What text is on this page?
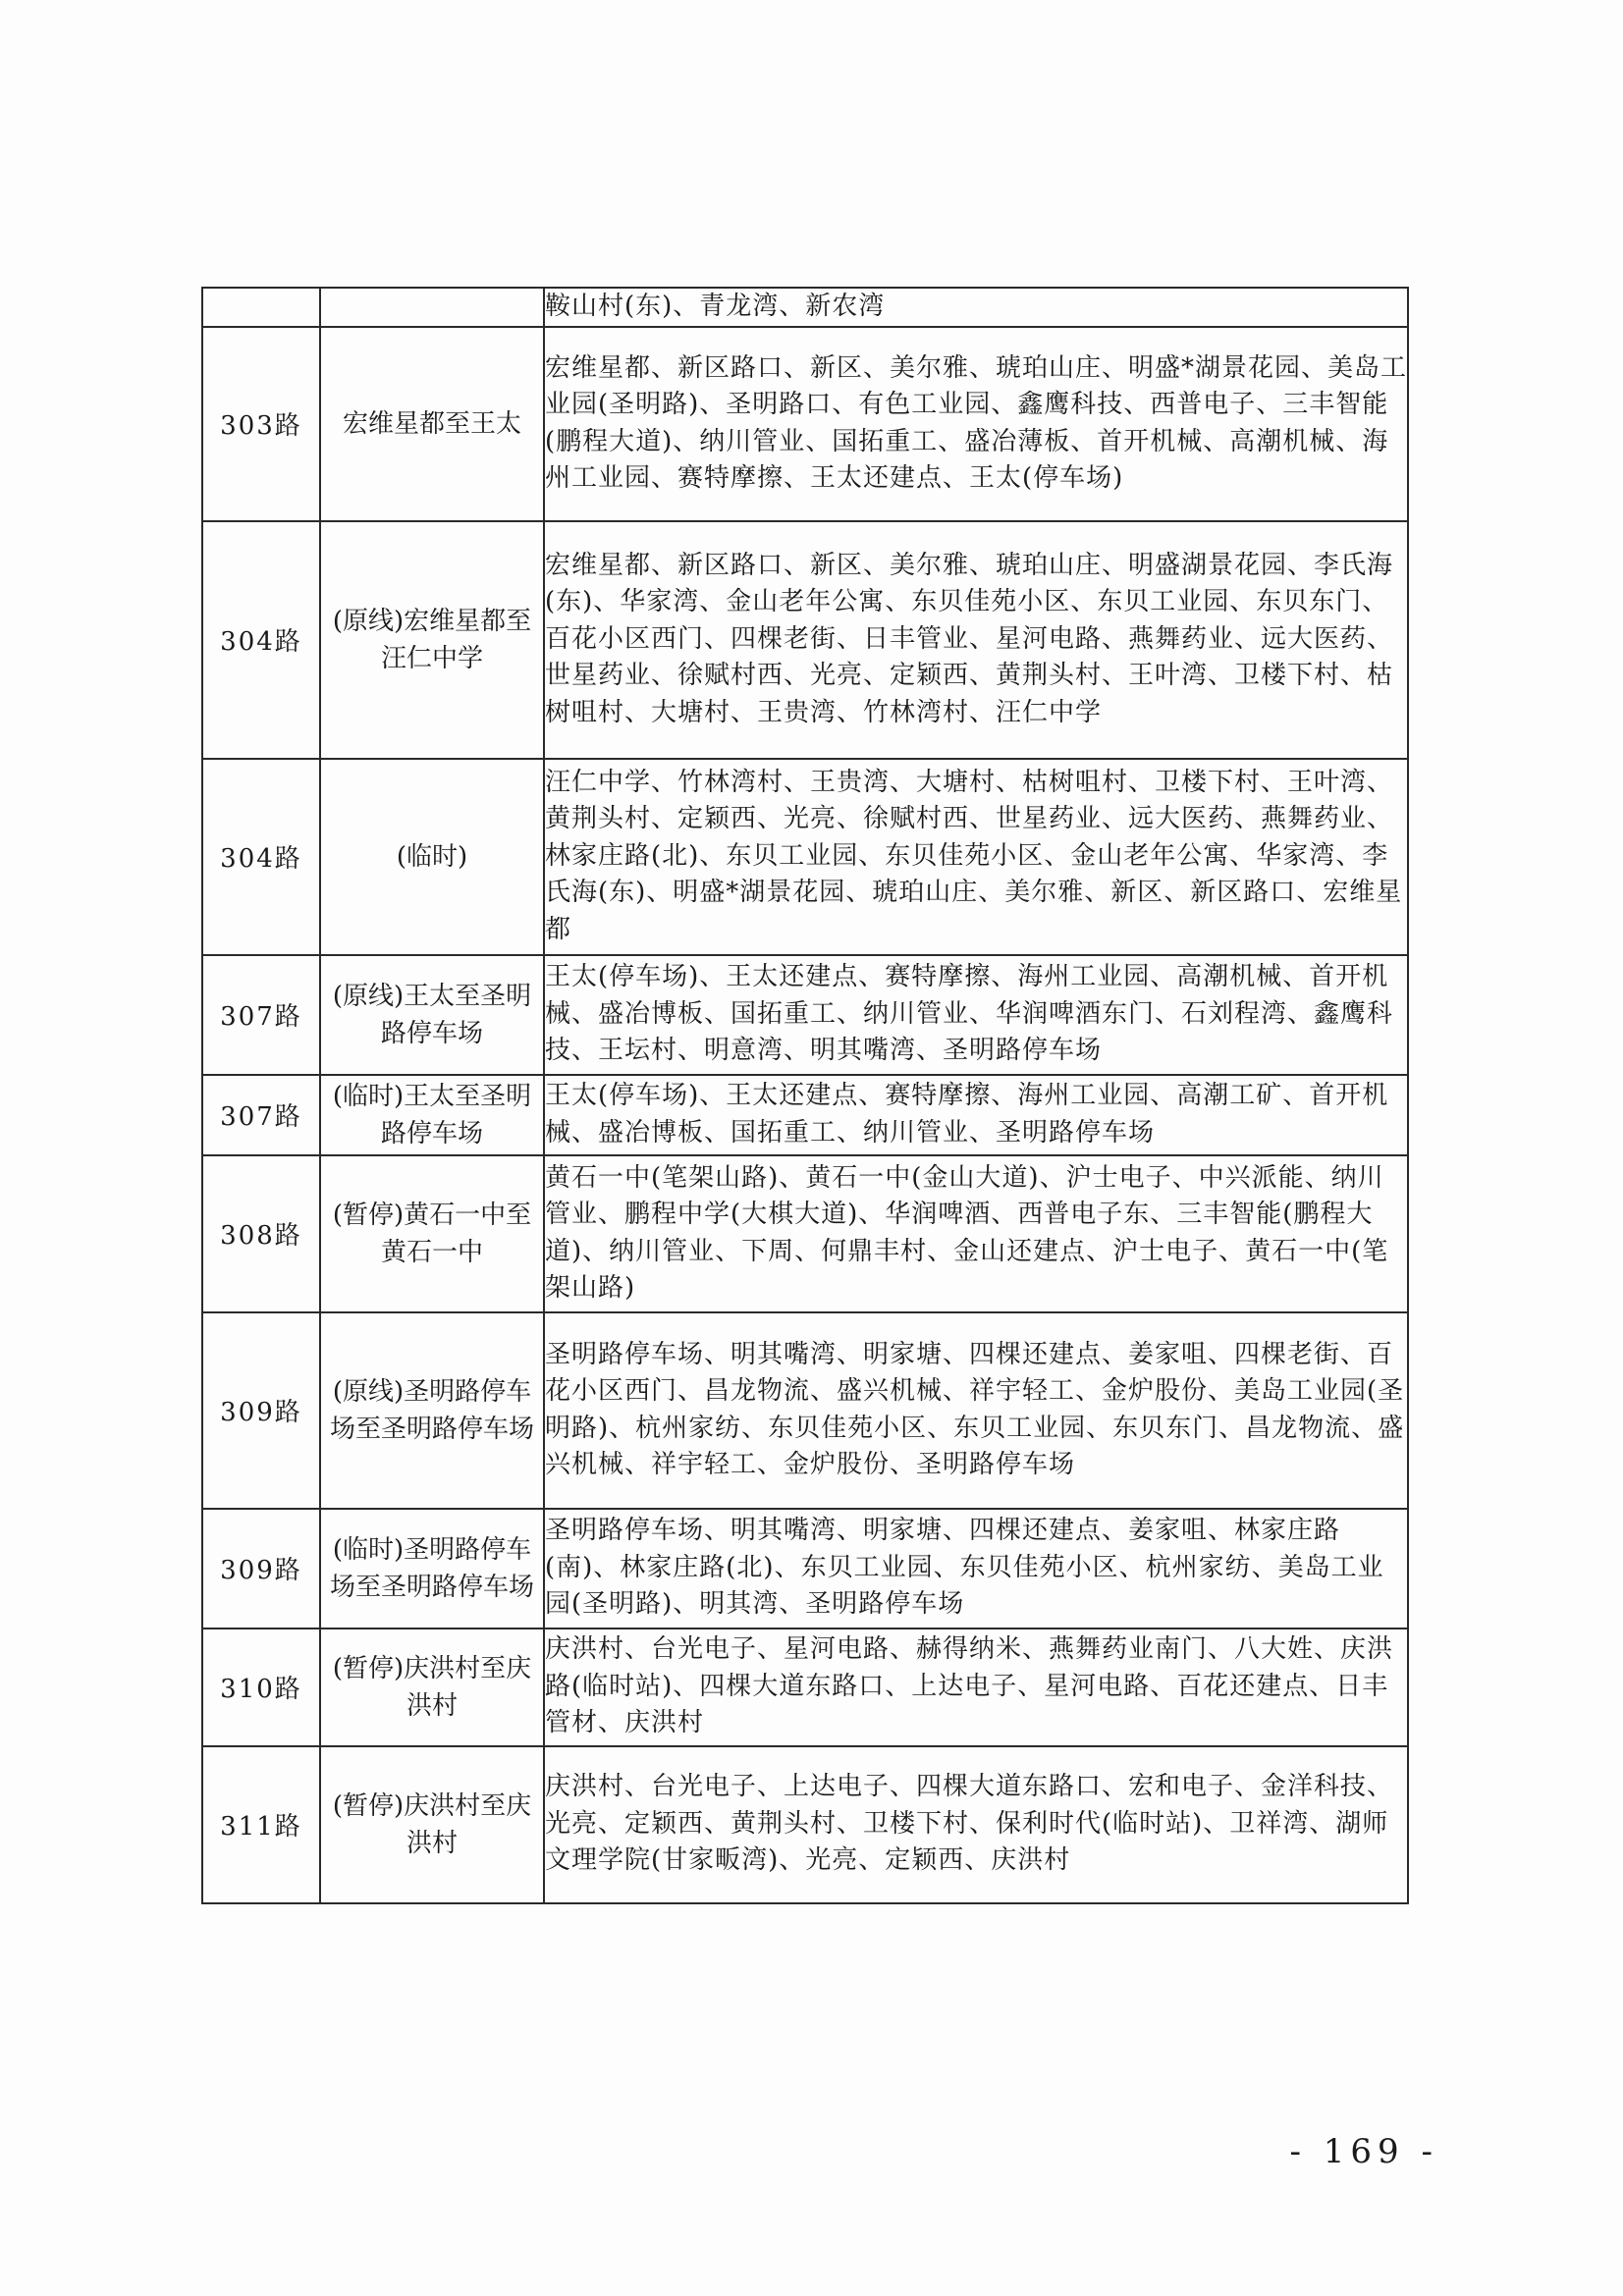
		鞍山村(东)、青龙湾、新农湾
303路	宏维星都至王太	宏维星都、新区路口、新区、美尔雅、琥珀山庄、明盛*湖景花园、美岛工业园(圣明路)、圣明路口、有色工业园、鑫鹰科技、西普电子、三丰智能(鹏程大道)、纳川管业、国拓重工、盛冶薄板、首开机械、高潮机械、海州工业园、赛特摩擦、王太还建点、王太(停车场)
304路	(原线)宏维星都至汪仁中学	宏维星都、新区路口、新区、美尔雅、琥珀山庄、明盛湖景花园、李氏海(东)、华家湾、金山老年公寓、东贝佳苑小区、东贝工业园、东贝东门、百花小区西门、四棵老街、日丰管业、星河电路、燕舞药业、远大医药、世星药业、徐赋村西、光亮、定颖西、黄荆头村、王叶湾、卫楼下村、枯树咀村、大塘村、王贵湾、竹林湾村、汪仁中学
304路	(临时)	汪仁中学、竹林湾村、王贵湾、大塘村、枯树咀村、卫楼下村、王叶湾、黄荆头村、定颖西、光亮、徐赋村西、世星药业、远大医药、燕舞药业、林家庄路(北)、东贝工业园、东贝佳苑小区、金山老年公寓、华家湾、李氏海(东)、明盛*湖景花园、琥珀山庄、美尔雅、新区、新区路口、宏维星都
307路	(原线)王太至圣明路停车场	王太(停车场)、王太还建点、赛特摩擦、海州工业园、高潮机械、首开机械、盛冶博板、国拓重工、纳川管业、华润啤酒东门、石刘程湾、鑫鹰科技、王坛村、明意湾、明其嘴湾、圣明路停车场
307路	(临时)王太至圣明路停车场	王太(停车场)、王太还建点、赛特摩擦、海州工业园、高潮工矿、首开机械、盛冶博板、国拓重工、纳川管业、圣明路停车场
308路	(暂停)黄石一中至黄石一中	黄石一中(笔架山路)、黄石一中(金山大道)、沪士电子、中兴派能、纳川管业、鹏程中学(大棋大道)、华润啤酒、西普电子东、三丰智能(鹏程大道)、纳川管业、下周、何鼎丰村、金山还建点、沪士电子、黄石一中(笔架山路)
309路	(原线)圣明路停车场至圣明路停车场	圣明路停车场、明其嘴湾、明家塘、四棵还建点、姜家咀、四棵老街、百花小区西门、昌龙物流、盛兴机械、祥宇轻工、金炉股份、美岛工业园(圣明路)、杭州家纺、东贝佳苑小区、东贝工业园、东贝东门、昌龙物流、盛兴机械、祥宇轻工、金炉股份、圣明路停车场
309路	(临时)圣明路停车场至圣明路停车场	圣明路停车场、明其嘴湾、明家塘、四棵还建点、姜家咀、林家庄路(南)、林家庄路(北)、东贝工业园、东贝佳苑小区、杭州家纺、美岛工业园(圣明路)、明其湾、圣明路停车场
310路	(暂停)庆洪村至庆洪村	庆洪村、台光电子、星河电路、赫得纳米、燕舞药业南门、八大姓、庆洪路(临时站)、四棵大道东路口、上达电子、星河电路、百花还建点、日丰管材、庆洪村
311路	(暂停)庆洪村至庆洪村	庆洪村、台光电子、上达电子、四棵大道东路口、宏和电子、金洋科技、光亮、定颖西、黄荆头村、卫楼下村、保利时代(临时站)、卫祥湾、湖师文理学院(甘家畈湾)、光亮、定颖西、庆洪村
- 169 -
